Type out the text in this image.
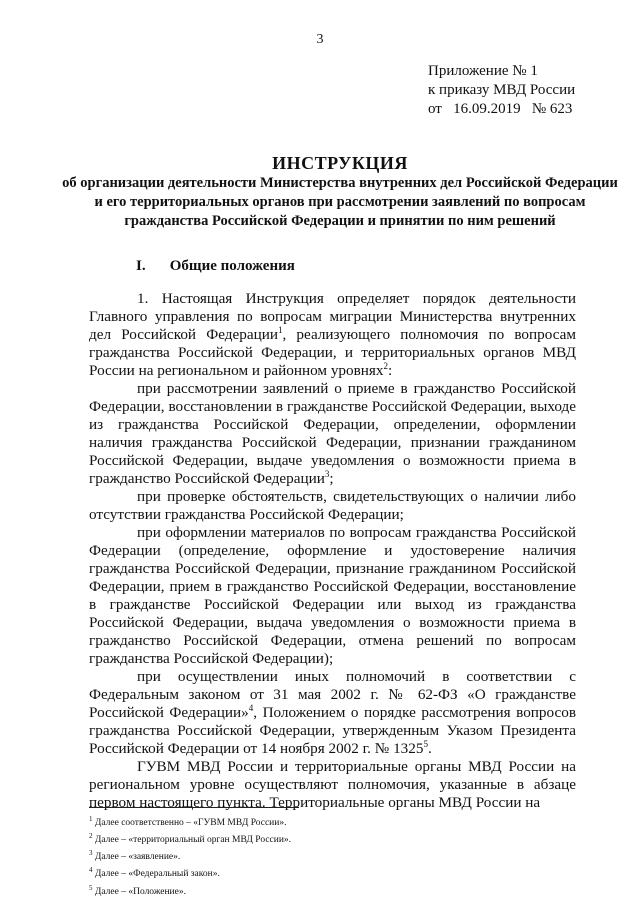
3
Приложение № 1
к приказу МВД России
от   16.09.2019   № 623
ИНСТРУКЦИЯ
об организации деятельности Министерства внутренних дел Российской Федерации и его территориальных органов при рассмотрении заявлений по вопросам гражданства Российской Федерации и принятии по ним решений
I. Общие положения

1. Настоящая Инструкция определяет порядок деятельности Главного управления по вопросам миграции Министерства внутренних дел Российской Федерации$^1$, реализующего полномочия по вопросам гражданства Российской Федерации, и территориальных органов МВД России на региональном и районном уровнях$^2$:

при рассмотрении заявлений о приеме в гражданство Российской Федерации, восстановлении в гражданстве Российской Федерации, выходе из гражданства Российской Федерации, определении, оформлении наличия гражданства Российской Федерации, признании гражданином Российской Федерации, выдаче уведомления о возможности приема в гражданство Российской Федерации$^3$;

при проверке обстоятельств, свидетельствующих о наличии либо отсутствии гражданства Российской Федерации;

при оформлении материалов по вопросам гражданства Российской Федерации (определение, оформление и удостоверение наличия гражданства Российской Федерации, признание гражданином Российской Федерации, прием в гражданство Российской Федерации, восстановление в гражданстве Российской Федерации или выход из гражданства Российской Федерации, выдача уведомления о возможности приема в гражданство Российской Федерации, отмена решений по вопросам гражданства Российской Федерации);

при осуществлении иных полномочий в соответствии с Федеральным законом от 31 мая 2002 г. № 62-ФЗ «О гражданстве Российской Федерации»$^4$, Положением о порядке рассмотрения вопросов гражданства Российской Федерации, утвержденным Указом Президента Российской Федерации от 14 ноября 2002 г. № 1325$^5$.

ГУВМ МВД России и территориальные органы МВД России на региональном уровне осуществляют полномочия, указанные в абзаце первом настоящего пункта. Территориальные органы МВД России на

$^1$ Далее соответственно – «ГУВМ МВД России».
$^2$ Далее – «территориальный орган МВД России».
$^3$ Далее – «заявление».
$^4$ Далее – «Федеральный закон».
$^5$ Далее – «Положение».
